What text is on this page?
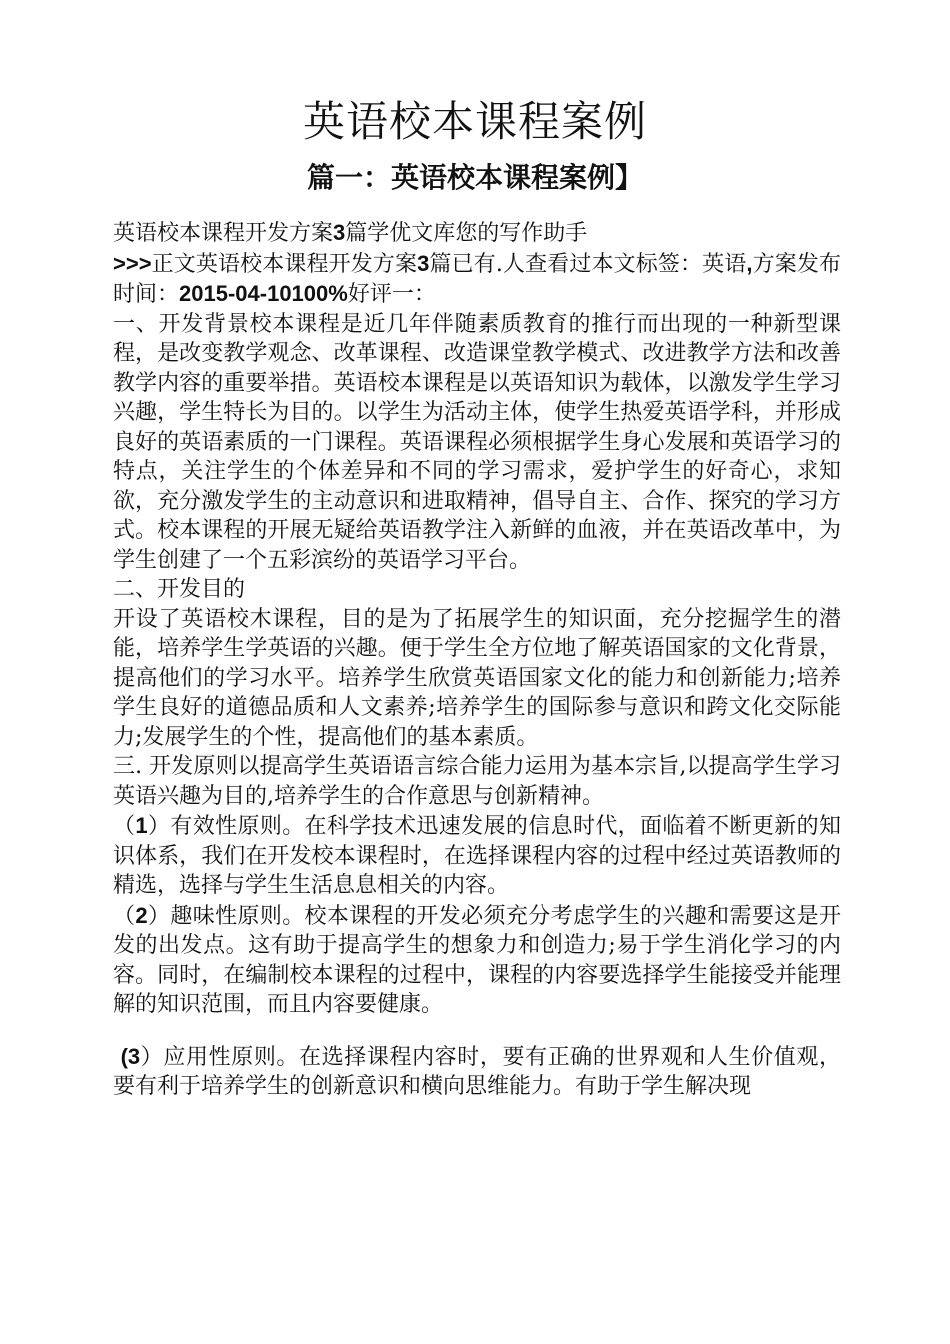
英语校本课程案例
篇一：英语校本课程案例】

英语校本课程开发方案3篇学优文库您的写作助手

>>>正文英语校本课程开发方案3篇已有.人查看过本文标签：英语,方案发布时间：2015-04-10100%好评一：

一、开发背景校本课程是近几年伴随素质教育的推行而出现的一种新型课程，是改变教学观念、改革课程、改造课堂教学模式、改进教学方法和改善教学内容的重要举措。英语校本课程是以英语知识为载体，以激发学生学习兴趣，学生特长为目的。以学生为活动主体，使学生热爱英语学科，并形成良好的英语素质的一门课程。英语课程必须根据学生身心发展和英语学习的特点，关注学生的个体差异和不同的学习需求，爱护学生的好奇心，求知欲，充分激发学生的主动意识和进取精神，倡导自主、合作、探究的学习方式。校本课程的开展无疑给英语教学注入新鲜的血液，并在英语改革中，为学生创建了一个五彩滨纷的英语学习平台。

二、开发目的

开设了英语校木课程，目的是为了拓展学生的知识面，充分挖掘学生的潜能，培养学生学英语的兴趣。便于学生全方位地了解英语国家的文化背景，提高他们的学习水平。培养学生欣赏英语国家文化的能力和创新能力;培养学生良好的道德品质和人文素养;培养学生的国际参与意识和跨文化交际能力;发展学生的个性，提高他们的基本素质。

三. 开发原则以提高学生英语语言综合能力运用为基本宗旨,以提高学生学习英语兴趣为目的,培养学生的合作意思与创新精神。

（1）有效性原则。在科学技术迅速发展的信息时代，面临着不断更新的知识体系，我们在开发校本课程时，在选择课程内容的过程中经过英语教师的精选，选择与学生生活息息相关的内容。

（2）趣味性原则。校本课程的开发必须充分考虑学生的兴趣和需要这是开发的出发点。这有助于提高学生的想象力和创造力;易于学生消化学习的内容。同时，在编制校本课程的过程中，课程的内容要选择学生能接受并能理解的知识范围，而且内容要健康。

(3）应用性原则。在选择课程内容时，要有正确的世界观和人生价值观，要有利于培养学生的创新意识和横向思维能力。有助于学生解决现
